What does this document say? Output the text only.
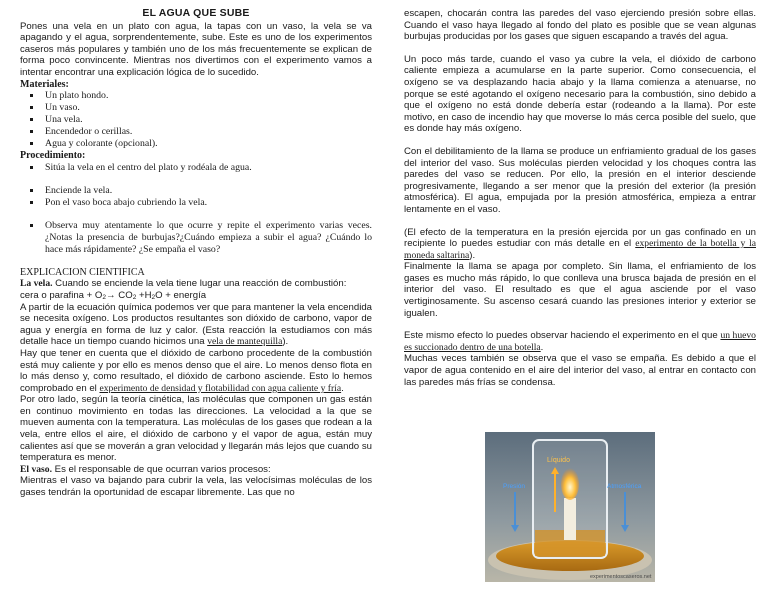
EL AGUA QUE SUBE

Pones una vela en un plato con agua, la tapas con un vaso, la vela se va apagando y el agua, sorprendentemente, sube. Este es uno de los experimentos caseros más populares y también uno de los más frecuentemente se explican de forma poco convincente. Mientras nos divertimos con el experimento vamos a intentar encontrar una explicación lógica de lo sucedido.

Materiales:
▪ Un plato hondo.
▪ Un vaso.
▪ Una vela.
▪ Encendedor o cerillas.
▪ Agua y colorante (opcional).
Procedimiento:
▪ Sitúa la vela en el centro del plato y rodéala de agua.
▪ Enciende la vela.
▪ Pon el vaso boca abajo cubriendo la vela.
▪ Observa muy atentamente lo que ocurre y repite el experimento varias veces. ¿Notas la presencia de burbujas?¿Cuándo empieza a subir el agua? ¿Cuándo lo hace más rápidamente? ¿Se empaña el vaso?
EXPLICACION CIENTIFICA

La vela. Cuando se enciende la vela tiene lugar una reacción de combustión:

cera o parafina + $O_2\to CO_2 +H_2O$ + energía

A partir de la ecuación química podemos ver que para mantener la vela encendida se necesita oxígeno. Los productos resultantes son dióxido de carbono, vapor de agua y energía en forma de luz y calor. (Esta reacción la estudiamos con más detalle hace un tiempo cuando hicimos una vela de mantequilla).

Hay que tener en cuenta que el dióxido de carbono procedente de la combustión está muy caliente y por ello es menos denso que el aire. Lo menos denso flota en lo más denso y, como resultado, el dióxido de carbono asciende. Esto lo hemos comprobado en el experimento de densidad y flotabilidad con agua caliente y fría.

Por otro lado, según la teoría cinética, las moléculas que componen un gas están en continuo movimiento en todas las direcciones. La velocidad a la que se mueven aumenta con la temperatura. Las moléculas de los gases que rodean a la vela, entre ellos el aire, el dióxido de carbono y el vapor de agua, están muy calientes así que se moverán a gran velocidad y llegarán más lejos que cuando su temperatura es menor.

El vaso. Es el responsable de que ocurran varios procesos:

Mientras el vaso va bajando para cubrir la vela, las velocísimas moléculas de los gases tendrán la oportunidad de escapar libremente. Las que no

escapen, chocarán contra las paredes del vaso ejerciendo presión sobre ellas. Cuando el vaso haya llegado al fondo del plato es posible que se vean algunas burbujas producidas por los gases que siguen escapando a través del agua.

Un poco más tarde, cuando el vaso ya cubre la vela, el dióxido de carbono caliente empieza a acumularse en la parte superior. Como consecuencia, el oxígeno se va desplazando hacia abajo y la llama comienza a atenuarse, no porque se esté agotando el oxígeno necesario para la combustión, sino debido a que el oxígeno no está donde debería estar (rodeando a la llama). Por este motivo, en caso de incendio hay que moverse lo más cerca posible del suelo, que es donde hay más oxígeno.

Con el debilitamiento de la llama se produce un enfriamiento gradual de los gases del interior del vaso. Sus moléculas pierden velocidad y los choques contra las paredes del vaso se reducen. Por ello, la presión en el interior desciende progresivamente, llegando a ser menor que la presión del exterior (la presión atmosférica). El agua, empujada por la presión atmosférica, empieza a entrar lentamente en el vaso.

(El efecto de la temperatura en la presión ejercida por un gas confinado en un recipiente lo puedes estudiar con más detalle en el experimento de la botella y la moneda saltarina).

Finalmente la llama se apaga por completo. Sin llama, el enfriamiento de los gases es mucho más rápido, lo que conlleva una brusca bajada de presión en el interior del vaso. El resultado es que el agua asciende por el vaso vertiginosamente. Su ascenso cesará cuando las presiones interior y exterior se igualen.

Este mismo efecto lo puedes observar haciendo el experimento en el que un huevo es succionado dentro de una botella.

Muchas veces también se observa que el vaso se empaña. Es debido a que el vapor de agua contenido en el aire del interior del vaso, al entrar en contacto con las paredes más frías se condensa.

Líquido
Presión	Atmosférica
experimentoscaseros.net
